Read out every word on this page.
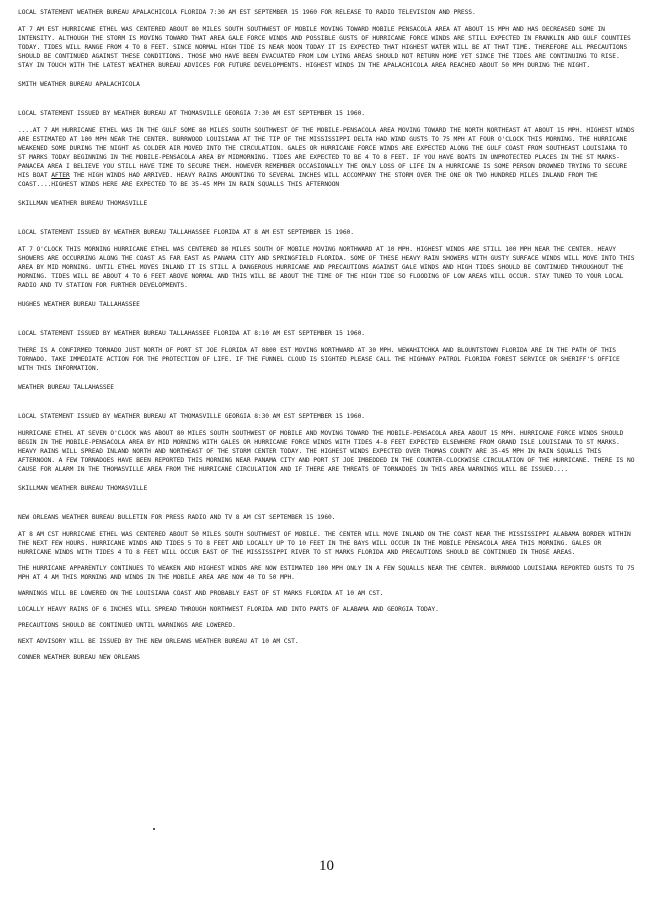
LOCAL STATEMENT WEATHER BUREAU APALACHICOLA FLORIDA 7:30 AM EST SEPTEMBER 15 1960 FOR RELEASE TO RADIO TELEVISION AND PRESS.

AT 7 AM EST HURRICANE ETHEL WAS CENTERED ABOUT 80 MILES SOUTH SOUTHWEST OF MOBILE MOVING TOWARD MOBILE PENSACOLA AREA AT ABOUT 15 MPH AND HAS DECREASED SOME IN INTENSITY. ALTHOUGH THE STORM IS MOVING TOWARD THAT AREA GALE FORCE WINDS AND POSSIBLE GUSTS OF HURRICANE FORCE WINDS ARE STILL EXPECTED IN FRANKLIN AND GULF COUNTIES TODAY. TIDES WILL RANGE FROM 4 TO 8 FEET. SINCE NORMAL HIGH TIDE IS NEAR NOON TODAY IT IS EXPECTED THAT HIGHEST WATER WILL BE AT THAT TIME. THEREFORE ALL PRECAUTIONS SHOULD BE CONTINUED AGAINST THESE CONDITIONS. THOSE WHO HAVE BEEN EVACUATED FROM LOW LYING AREAS SHOULD NOT RETURN HOME YET SINCE THE TIDES ARE CONTINUING TO RISE. STAY IN TOUCH WITH THE LATEST WEATHER BUREAU ADVICES FOR FUTURE DEVELOPMENTS. HIGHEST WINDS IN THE APALACHICOLA AREA REACHED ABOUT 50 MPH DURING THE NIGHT.

SMITH WEATHER BUREAU APALACHICOLA

LOCAL STATEMENT ISSUED BY WEATHER BUREAU AT THOMASVILLE GEORGIA 7:30 AM EST SEPTEMBER 15 1960.

....AT 7 AM HURRICANE ETHEL WAS IN THE GULF SOME 80 MILES SOUTH SOUTHWEST OF THE MOBILE-PENSACOLA AREA MOVING TOWARD THE NORTH NORTHEAST AT ABOUT 15 MPH. HIGHEST WINDS ARE ESTIMATED AT 100 MPH NEAR THE CENTER. BURRWOOD LOUISIANA AT THE TIP OF THE MISSISSIPPI DELTA HAD WIND GUSTS TO 75 MPH AT FOUR O'CLOCK THIS MORNING. THE HURRICANE WEAKENED SOME DURING THE NIGHT AS COLDER AIR MOVED INTO THE CIRCULATION. GALES OR HURRICANE FORCE WINDS ARE EXPECTED ALONG THE GULF COAST FROM SOUTHEAST LOUISIANA TO ST MARKS TODAY BEGINNING IN THE MOBILE-PENSACOLA AREA BY MIDMORNING. TIDES ARE EXPECTED TO BE 4 TO 8 FEET. IF YOU HAVE BOATS IN UNPROTECTED PLACES IN THE ST MARKS-PANACEA AREA I BELIEVE YOU STILL HAVE TIME TO SECURE THEM. HOWEVER REMEMBER OCCASIONALLY THE ONLY LOSS OF LIFE IN A HURRICANE IS SOME PERSON DROWNED TRYING TO SECURE HIS BOAT AFTER THE HIGH WINDS HAD ARRIVED. HEAVY RAINS AMOUNTING TO SEVERAL INCHES WILL ACCOMPANY THE STORM OVER THE ONE OR TWO HUNDRED MILES INLAND FROM THE COAST....HIGHEST WINDS HERE ARE EXPECTED TO BE 35-45 MPH IN RAIN SQUALLS THIS AFTERNOON

SKILLMAN WEATHER BUREAU THOMASVILLE

LOCAL STATEMENT ISSUED BY WEATHER BUREAU TALLAHASSEE FLORIDA AT 8 AM EST SEPTEMBER 15 1960.

AT 7 O'CLOCK THIS MORNING HURRICANE ETHEL WAS CENTERED 80 MILES SOUTH OF MOBILE MOVING NORTHWARD AT 10 MPH. HIGHEST WINDS ARE STILL 100 MPH NEAR THE CENTER. HEAVY SHOWERS ARE OCCURRING ALONG THE COAST AS FAR EAST AS PANAMA CITY AND SPRINGFIELD FLORIDA. SOME OF THESE HEAVY RAIN SHOWERS WITH GUSTY SURFACE WINDS WILL MOVE INTO THIS AREA BY MID MORNING. UNTIL ETHEL MOVES INLAND IT IS STILL A DANGEROUS HURRICANE AND PRECAUTIONS AGAINST GALE WINDS AND HIGH TIDES SHOULD BE CONTINUED THROUGHOUT THE MORNING. TIDES WILL BE ABOUT 4 TO 6 FEET ABOVE NORMAL AND THIS WILL BE ABOUT THE TIME OF THE HIGH TIDE SO FLOODING OF LOW AREAS WILL OCCUR. STAY TUNED TO YOUR LOCAL RADIO AND TV STATION FOR FURTHER DEVELOPMENTS.

HUGHES WEATHER BUREAU TALLAHASSEE

LOCAL STATEMENT ISSUED BY WEATHER BUREAU TALLAHASSEE FLORIDA AT 8:10 AM EST SEPTEMBER 15 1960.

THERE IS A CONFIRMED TORNADO JUST NORTH OF PORT ST JOE FLORIDA AT 0800 EST MOVING NORTHWARD AT 30 MPH. WEWAHITCHKA AND BLOUNTSTOWN FLORIDA ARE IN THE PATH OF THIS TORNADO. TAKE IMMEDIATE ACTION FOR THE PROTECTION OF LIFE. IF THE FUNNEL CLOUD IS SIGHTED PLEASE CALL THE HIGHWAY PATROL FLORIDA FOREST SERVICE OR SHERIFF'S OFFICE WITH THIS INFORMATION.

WEATHER BUREAU TALLAHASSEE

LOCAL STATEMENT ISSUED BY WEATHER BUREAU AT THOMASVILLE GEORGIA 8:30 AM EST SEPTEMBER 15 1960.

HURRICANE ETHEL AT SEVEN O'CLOCK WAS ABOUT 80 MILES SOUTH SOUTHWEST OF MOBILE AND MOVING TOWARD THE MOBILE-PENSACOLA AREA ABOUT 15 MPH. HURRICANE FORCE WINDS SHOULD BEGIN IN THE MOBILE-PENSACOLA AREA BY MID MORNING WITH GALES OR HURRICANE FORCE WINDS WITH TIDES 4-8 FEET EXPECTED ELSEWHERE FROM GRAND ISLE LOUISIANA TO ST MARKS. HEAVY RAINS WILL SPREAD INLAND NORTH AND NORTHEAST OF THE STORM CENTER TODAY. THE HIGHEST WINDS EXPECTED OVER THOMAS COUNTY ARE 35-45 MPH IN RAIN SQUALLS THIS AFTERNOON. A FEW TORNADOES HAVE BEEN REPORTED THIS MORNING NEAR PANAMA CITY AND PORT ST JOE IMBEDDED IN THE COUNTER-CLOCKWISE CIRCULATION OF THE HURRICANE. THERE IS NO CAUSE FOR ALARM IN THE THOMASVILLE AREA FROM THE HURRICANE CIRCULATION AND IF THERE ARE THREATS OF TORNADOES IN THIS AREA WARNINGS WILL BE ISSUED....

SKILLMAN WEATHER BUREAU THOMASVILLE

NEW ORLEANS WEATHER BUREAU BULLETIN FOR PRESS RADIO AND TV 8 AM CST SEPTEMBER 15 1960.

AT 8 AM CST HURRICANE ETHEL WAS CENTERED ABOUT 50 MILES SOUTH SOUTHWEST OF MOBILE. THE CENTER WILL MOVE INLAND ON THE COAST NEAR THE MISSISSIPPI ALABAMA BORDER WITHIN THE NEXT FEW HOURS. HURRICANE WINDS AND TIDES 5 TO 8 FEET AND LOCALLY UP TO 10 FEET IN THE BAYS WILL OCCUR IN THE MOBILE PENSACOLA AREA THIS MORNING. GALES OR HURRICANE WINDS WITH TIDES 4 TO 8 FEET WILL OCCUR EAST OF THE MISSISSIPPI RIVER TO ST MARKS FLORIDA AND PRECAUTIONS SHOULD BE CONTINUED IN THOSE AREAS.

THE HURRICANE APPARENTLY CONTINUES TO WEAKEN AND HIGHEST WINDS ARE NOW ESTIMATED 100 MPH ONLY IN A FEW SQUALLS NEAR THE CENTER. BURRWOOD LOUISIANA REPORTED GUSTS TO 75 MPH AT 4 AM THIS MORNING AND WINDS IN THE MOBILE AREA ARE NOW 40 TO 50 MPH.

WARNINGS WILL BE LOWERED ON THE LOUISIANA COAST AND PROBABLY EAST OF ST MARKS FLORIDA AT 10 AM CST.

LOCALLY HEAVY RAINS OF 6 INCHES WILL SPREAD THROUGH NORTHWEST FLORIDA AND INTO PARTS OF ALABAMA AND GEORGIA TODAY.

PRECAUTIONS SHOULD BE CONTINUED UNTIL WARNINGS ARE LOWERED.

NEXT ADVISORY WILL BE ISSUED BY THE NEW ORLEANS WEATHER BUREAU AT 10 AM CST.

CONNER WEATHER BUREAU NEW ORLEANS

10
